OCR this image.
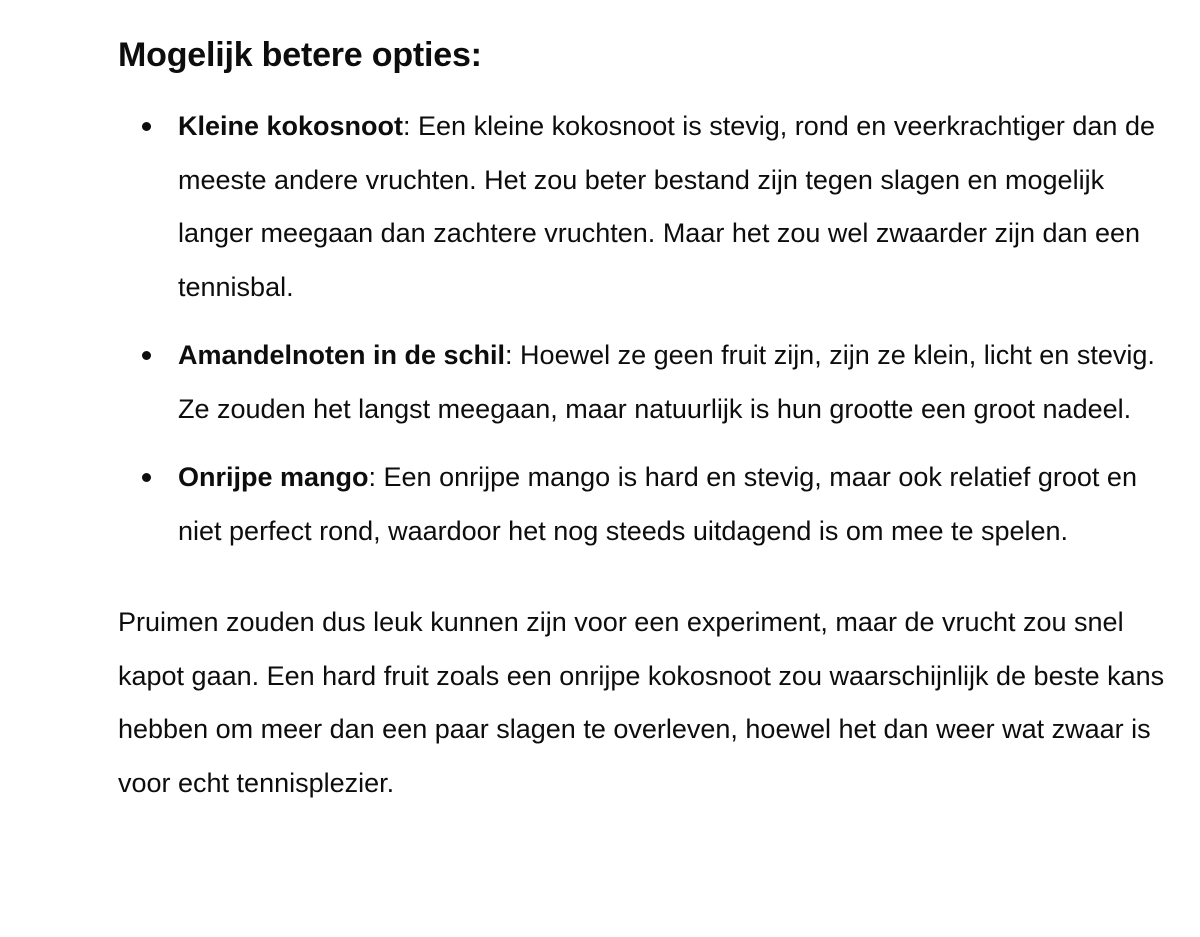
Mogelijk betere opties:
Kleine kokosnoot: Een kleine kokosnoot is stevig, rond en veerkrachtiger dan de meeste andere vruchten. Het zou beter bestand zijn tegen slagen en mogelijk langer meegaan dan zachtere vruchten. Maar het zou wel zwaarder zijn dan een tennisbal.
Amandelnoten in de schil: Hoewel ze geen fruit zijn, zijn ze klein, licht en stevig. Ze zouden het langst meegaan, maar natuurlijk is hun grootte een groot nadeel.
Onrijpe mango: Een onrijpe mango is hard en stevig, maar ook relatief groot en niet perfect rond, waardoor het nog steeds uitdagend is om mee te spelen.

Pruimen zouden dus leuk kunnen zijn voor een experiment, maar de vrucht zou snel kapot gaan. Een hard fruit zoals een onrijpe kokosnoot zou waarschijnlijk de beste kans hebben om meer dan een paar slagen te overleven, hoewel het dan weer wat zwaar is voor echt tennisplezier.
